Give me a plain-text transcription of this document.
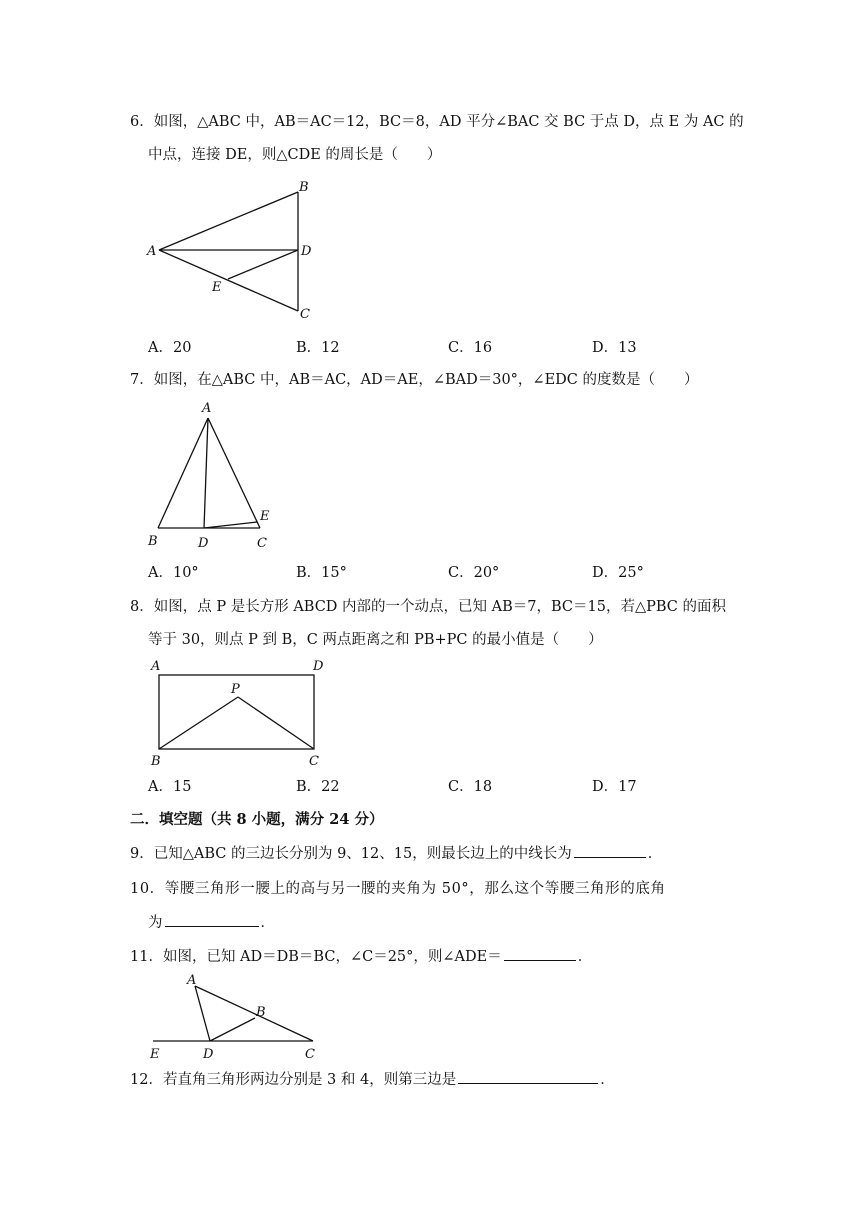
6．如图，△ABC 中，AB＝AC＝12，BC＝8，AD 平分∠BAC 交 BC 于点 D，点 E 为 AC 的
中点，连接 DE，则△CDE 的周长是（　　）
A
B
C
D
E
A．20	B．12	C．16	D．13
7．如图，在△ABC 中，AB＝AC，AD＝AE，∠BAD＝30°，∠EDC 的度数是（　　）
A
B	C
D
E
A．10°	B．15°	C．20°	D．25°
8．如图，点 P 是长方形 ABCD 内部的一个动点，已知 AB＝7，BC＝15，若△PBC 的面积
等于 30，则点 P 到 B，C 两点距离之和 PB+PC 的最小值是（　　）
A
B	C
D
P
A．15	B．22	C．18	D．17
二．填空题（共 8 小题，满分 24 分）
9．已知△ABC 的三边长分别为 9、12、15，则最长边上的中线长为	．
10．等腰三角形一腰上的高与另一腰的夹角为 50°，那么这个等腰三角形的底角
为	．
11．如图，已知 AD＝DB＝BC，∠C＝25°，则∠ADE＝	．
A
B
C
D
E
12．若直角三角形两边分别是 3 和 4，则第三边是	．
